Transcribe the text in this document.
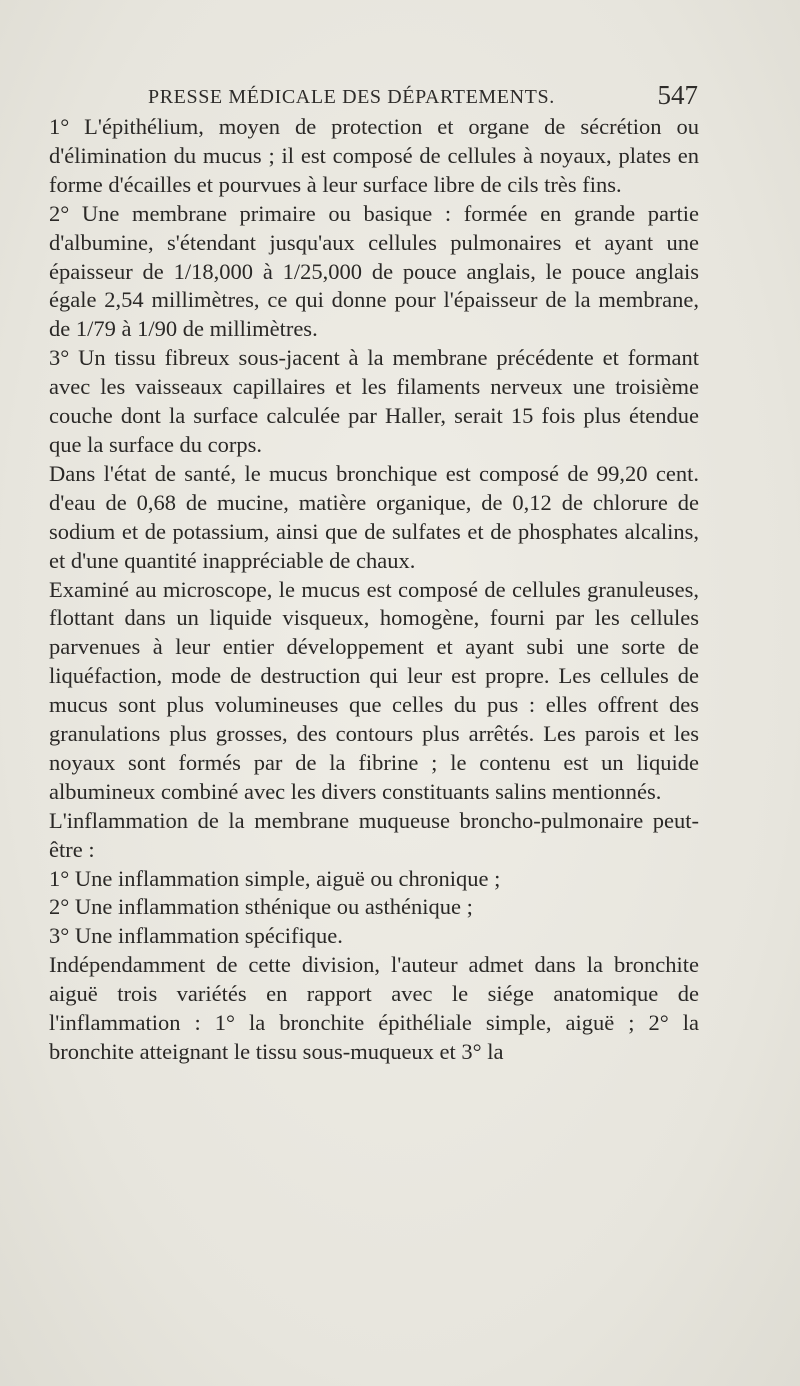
PRESSE MÉDICALE DES DÉPARTEMENTS.	547

1° L'épithélium, moyen de protection et organe de sécrétion ou d'élimination du mucus ; il est composé de cellules à noyaux, plates en forme d'écailles et pourvues à leur surface libre de cils très fins.

2° Une membrane primaire ou basique : formée en grande partie d'albumine, s'étendant jusqu'aux cellules pulmonaires et ayant une épaisseur de 1/18,000 à 1/25,000 de pouce anglais, le pouce anglais égale 2,54 millimètres, ce qui donne pour l'épaisseur de la membrane, de 1/79 à 1/90 de millimètres.

3° Un tissu fibreux sous-jacent à la membrane précédente et formant avec les vaisseaux capillaires et les filaments nerveux une troisième couche dont la surface calculée par Haller, serait 15 fois plus étendue que la surface du corps.

Dans l'état de santé, le mucus bronchique est composé de 99,20 cent. d'eau de 0,68 de mucine, matière organique, de 0,12 de chlorure de sodium et de potassium, ainsi que de sulfates et de phosphates alcalins, et d'une quantité inappréciable de chaux.

Examiné au microscope, le mucus est composé de cellules granuleuses, flottant dans un liquide visqueux, homogène, fourni par les cellules parvenues à leur entier développement et ayant subi une sorte de liquéfaction, mode de destruction qui leur est propre. Les cellules de mucus sont plus volumineuses que celles du pus : elles offrent des granulations plus grosses, des contours plus arrêtés. Les parois et les noyaux sont formés par de la fibrine ; le contenu est un liquide albumineux combiné avec les divers constituants salins mentionnés.

L'inflammation de la membrane muqueuse broncho-pulmonaire peut-être :

1° Une inflammation simple, aiguë ou chronique ;

2° Une inflammation sthénique ou asthénique ;

3° Une inflammation spécifique.

Indépendamment de cette division, l'auteur admet dans la bronchite aiguë trois variétés en rapport avec le siége anatomique de l'inflammation : 1° la bronchite épithéliale simple, aiguë ; 2° la bronchite atteignant le tissu sous-muqueux et 3° la
